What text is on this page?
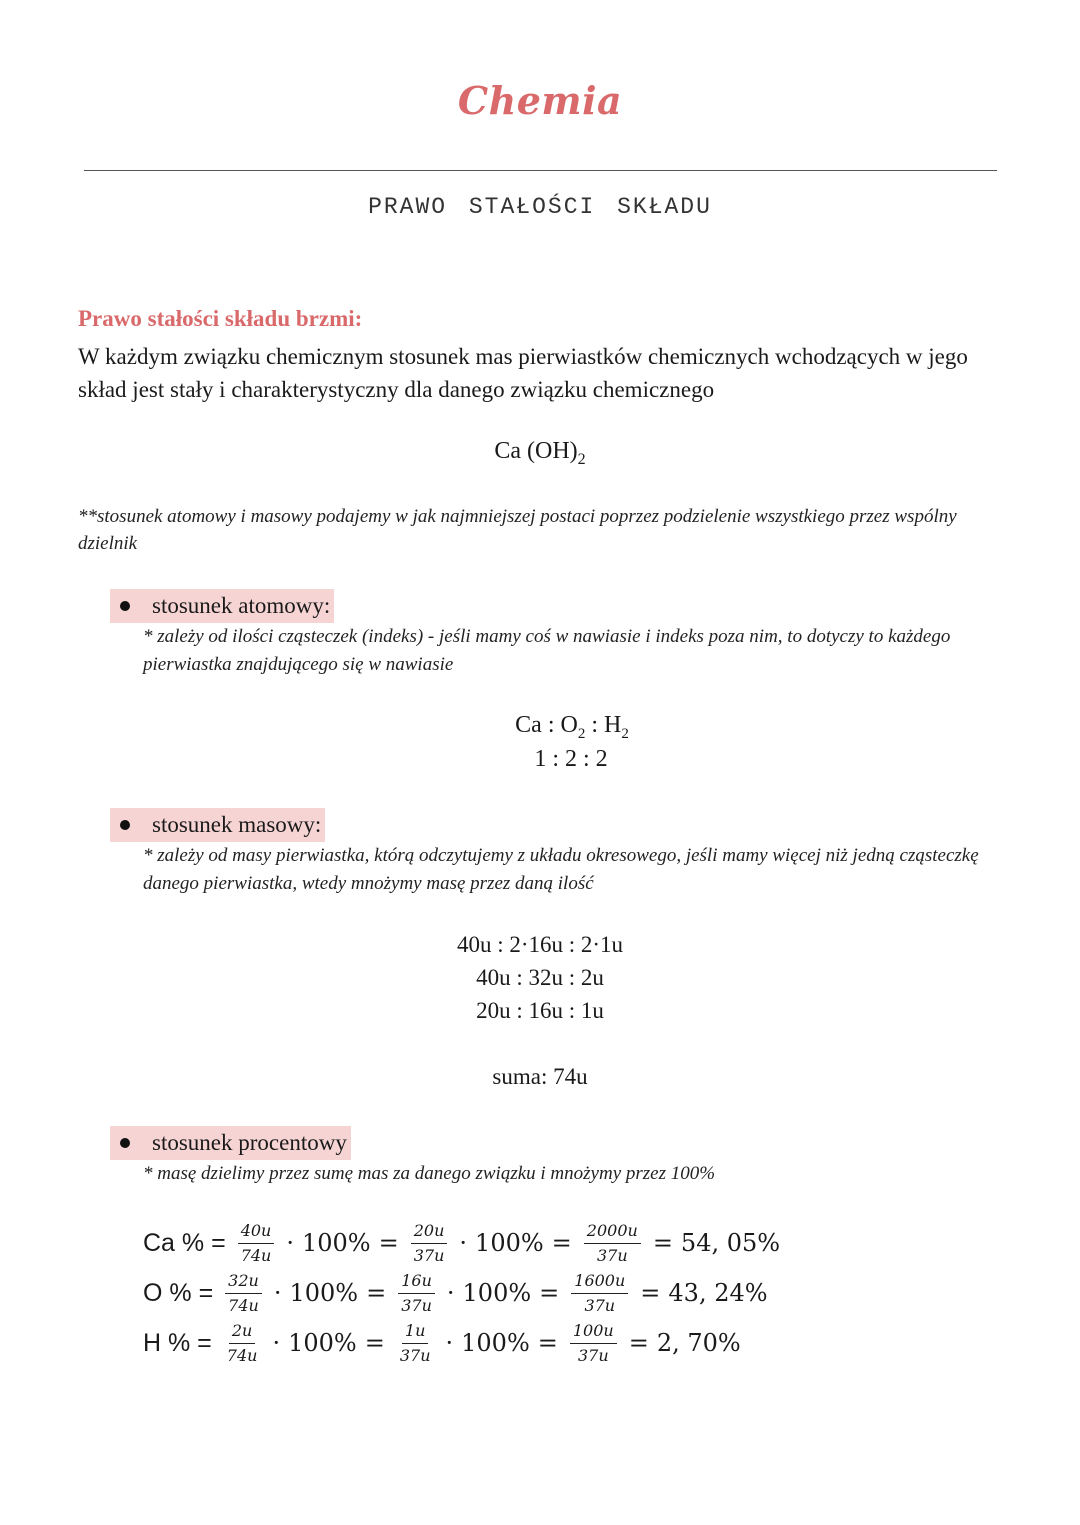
Chemia
PRAWO STAŁOŚCI SKŁADU
Prawo stałości składu brzmi:
W każdym związku chemicznym stosunek mas pierwiastków chemicznych wchodzących w jego skład jest stały i charakterystyczny dla danego związku chemicznego
Ca $(OH)_2$
**stosunek atomowy i masowy podajemy w jak najmniejszej postaci poprzez podzielenie wszystkiego przez wspólny dzielnik
stosunek atomowy:
* zależy od ilości cząsteczek (indeks) - jeśli mamy coś w nawiasie i indeks poza nim, to dotyczy to każdego pierwiastka znajdującego się w nawiasie
Ca : $O_2$ : $H_2$
1 : 2 : 2
stosunek masowy:
* zależy od masy pierwiastka, którą odczytujemy z układu okresowego, jeśli mamy więcej niż jedną cząsteczkę danego pierwiastka, wtedy mnożymy masę przez daną ilość
40u : 2·16u : 2·1u
40u : 32u : 2u
20u : 16u : 1u
suma: 74u
stosunek procentowy
* masę dzielimy przez sumę mas za danego związku i mnożymy przez 100%
Ca % = $\frac{40u}{74u} \cdot 100\% = \frac{20u}{37u} \cdot 100\% = \frac{2000u}{37u} = 54$, 05%
O % = $\frac{32u}{74u} \cdot 100\% = \frac{16u}{37u} \cdot 100\% = \frac{1600u}{37u} = 43$, 24%
H % = $\frac{2u}{74u} \cdot 100\% = \frac{1u}{37u} \cdot 100\% = \frac{100u}{37u} = 2$, 70%
